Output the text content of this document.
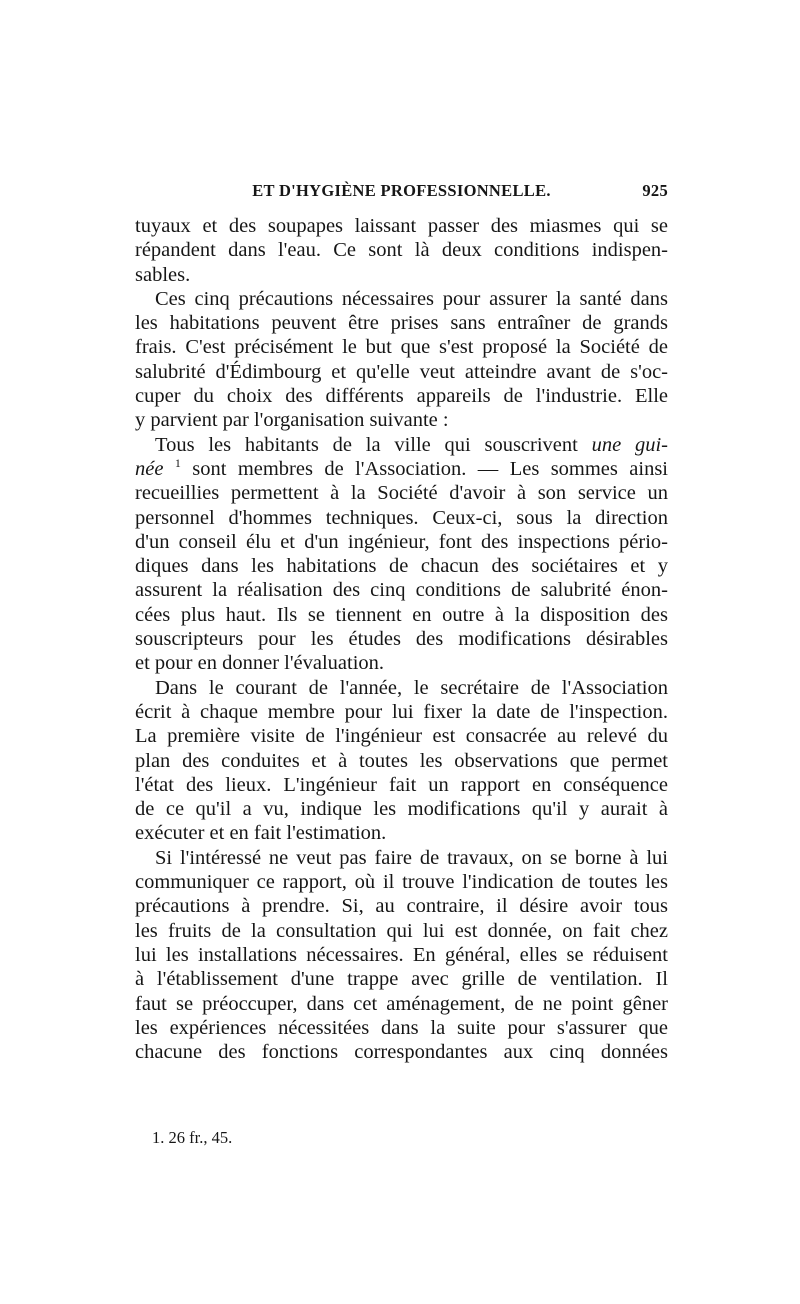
ET D'HYGIÈNE PROFESSIONNELLE.	925
tuyaux et des soupapes laissant passer des miasmes qui se
répandent dans l'eau. Ce sont là deux conditions indispen-
sables.
Ces cinq précautions nécessaires pour assurer la santé dans
les habitations peuvent être prises sans entraîner de grands
frais. C'est précisément le but que s'est proposé la Société de
salubrité d'Édimbourg et qu'elle veut atteindre avant de s'oc-
cuper du choix des différents appareils de l'industrie. Elle
y parvient par l'organisation suivante :
Tous les habitants de la ville qui souscrivent une gui-
née $^1$ sont membres de l'Association. — Les sommes ainsi
recueillies permettent à la Société d'avoir à son service un
personnel d'hommes techniques. Ceux-ci, sous la direction
d'un conseil élu et d'un ingénieur, font des inspections pério-
diques dans les habitations de chacun des sociétaires et y
assurent la réalisation des cinq conditions de salubrité énon-
cées plus haut. Ils se tiennent en outre à la disposition des
souscripteurs pour les études des modifications désirables
et pour en donner l'évaluation.
Dans le courant de l'année, le secrétaire de l'Association
écrit à chaque membre pour lui fixer la date de l'inspection.
La première visite de l'ingénieur est consacrée au relevé du
plan des conduites et à toutes les observations que permet
l'état des lieux. L'ingénieur fait un rapport en conséquence
de ce qu'il a vu, indique les modifications qu'il y aurait à
exécuter et en fait l'estimation.
Si l'intéressé ne veut pas faire de travaux, on se borne à lui
communiquer ce rapport, où il trouve l'indication de toutes les
précautions à prendre. Si, au contraire, il désire avoir tous
les fruits de la consultation qui lui est donnée, on fait chez
lui les installations nécessaires. En général, elles se réduisent
à l'établissement d'une trappe avec grille de ventilation. Il
faut se préoccuper, dans cet aménagement, de ne point gêner
les expériences nécessitées dans la suite pour s'assurer que
chacune des fonctions correspondantes aux cinq données
1. 26 fr., 45.
